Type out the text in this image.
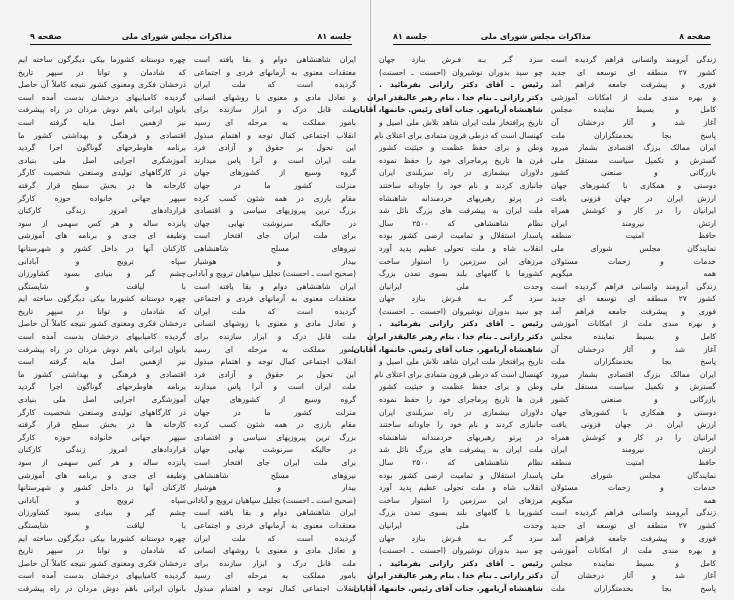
جلسه ۸۱
مذاکرات مجلس شورای ملی
صفحه ۹

چهره دوستانه کشورما بیکی دیگرگون ساخته ایم

که شادمان و توانا در سپهر تاریخ

درخشان فکری ومعنوی کشور نتیجه کاملاً آن حاصل

گردیده کامیابیهای درخشان بدست آمده است

بانوان ایرانی باهم دوش مردان در راه پیشرفت

نیز ازهمین اصل مایه گرفته است

اقتصادی و فرهنگی و بهداشتی کشور ما

برنامه هاوطرحهای گوناگون اجرا گردید

آموزشگری اجرایی اصل ملی بنیادی

در کارگاههای تولیدی وصنعتی شخصیت کارگر

کارخانه ها در بخش سطح قرار گرفته

سپهر جهانی خانواده حوزه کارگر

قراردادهای امروز زندگی کارکنان

پانزده ساله و هر کس سهمی از سود

وظیفه ای جدی و برنامه های آموزشی

کارکنان آنها در داخل کشور و شهرستانها

سپاه ترویج و آبادانی

چشم گیر و بنیادی بسود کشاورزان

با لیاقت و شایستگی

چهره دوستانه کشورما بیکی دیگرگون ساخته ایم

که شادمان و توانا در سپهر تاریخ

درخشان فکری ومعنوی کشور نتیجه کاملاً آن حاصل

گردیده کامیابیهای درخشان بدست آمده است

بانوان ایرانی باهم دوش مردان در راه پیشرفت

نیز ازهمین اصل مایه گرفته است

اقتصادی و فرهنگی و بهداشتی کشور ما

برنامه هاوطرحهای گوناگون اجرا گردید

آموزشگری اجرایی اصل ملی بنیادی

در کارگاههای تولیدی وصنعتی شخصیت کارگر

کارخانه ها در بخش سطح قرار گرفته

سپهر جهانی خانواده حوزه کارگر

قراردادهای امروز زندگی کارکنان

پانزده ساله و هر کس سهمی از سود

وظیفه ای جدی و برنامه های آموزشی

کارکنان آنها در داخل کشور و شهرستانها

سپاه ترویج و آبادانی

چشم گیر و بنیادی بسود کشاورزان

با لیاقت و شایستگی

چهره دوستانه کشورما بیکی دیگرگون ساخته ایم

که شادمان و توانا در سپهر تاریخ

درخشان فکری ومعنوی کشور نتیجه کاملاً آن حاصل

گردیده کامیابیهای درخشان بدست آمده است

بانوان ایرانی باهم دوش مردان در راه پیشرفت

ایران شاهنشاهی دوام و بقا یافته است

معتقدات معنوی به آرمانهای فردی و اجتماعی

گردیده است که ملت ایران

و تعادل مادی و معنوی با روشهای انسانی

ملت قابل درک و ابزار سازنده برای

بامور مملکت به مرحله ای رسید

انقلاب اجتماعی کمال توجه و اهتمام مبذول

این تحول بر حقوق و آزادی فرد

ملت ایران است و آنرا پاس میدارند

گروه وسیع از کشورهای جهان

منزلت کشور ما در جهان

مقام بارزی در همه شئون کسب کرده

بزرگ ترین پیروزیهای سیاسی و اقتصادی

در حالیکه سرنوشت نهایی جهان

برای ملت ایران جای افتخار است

نیروهای مسلح شاهنشاهی

بیدار و هوشیار

(صحیح است ـ احسنت) تجلیل سپاهیان ترویج و آبادانی

ایران شاهنشاهی دوام و بقا یافته است

معتقدات معنوی به آرمانهای فردی و اجتماعی

گردیده است که ملت ایران

و تعادل مادی و معنوی با روشهای انسانی

ملت قابل درک و ابزار سازنده برای

بامور مملکت به مرحله ای رسید

انقلاب اجتماعی کمال توجه و اهتمام مبذول

این تحول بر حقوق و آزادی فرد

ملت ایران است و آنرا پاس میدارند

گروه وسیع از کشورهای جهان

منزلت کشور ما در جهان

مقام بارزی در همه شئون کسب کرده

بزرگ ترین پیروزیهای سیاسی و اقتصادی

در حالیکه سرنوشت نهایی جهان

برای ملت ایران جای افتخار است

نیروهای مسلح شاهنشاهی

بیدار و هوشیار

(صحیح است ـ احسنت) تجلیل سپاهیان ترویج و آبادانی

ایران شاهنشاهی دوام و بقا یافته است

معتقدات معنوی به آرمانهای فردی و اجتماعی

گردیده است که ملت ایران

و تعادل مادی و معنوی با روشهای انسانی

ملت قابل درک و ابزار سازنده برای

بامور مملکت به مرحله ای رسید

انقلاب اجتماعی کمال توجه و اهتمام مبذول

صفحه ۸
مذاکرات مجلس شورای ملی
جلسه ۸۱

سزد گـر بـه فـرش بنازد جهان

چو سید بدوران نوشیروان (احسنت ـ احسنت)

رئیس ـ آقای دکتر رازانی بفرمائید .

دکتر رازانی ـ بنام خدا . بنام رهبر عالیقدر ایران

شاهنشاه آریامهر. جناب آقای رئیس. خانمها، آقایان.

تاریخ پرافتخار ملت ایران شاهد تلاش ملی اصیل و

کهنسال است که درطی قرون متمادی برای اعتلای نام

وطن و برای حفظ عظمت و حیثیت کشور

قرن ها تاریخ پرماجرای خود را حفظ نموده

دلاوران بیشماری در راه سربلندی ایران

جانبازی کردند و نام خود را جاودانه ساختند

در پرتو رهبریهای خردمندانه شاهنشاه

ملت ایران به پیشرفت های بزرگ نائل شد

نظام شاهنشاهی که ۲۵۰۰ سال

پاسدار استقلال و تمامیت ارضی کشور بوده

انقلاب شاه و ملت تحولی عظیم پدید آورد

مرزهای این سرزمین را استوار ساخت

کشورما با گامهای بلند بسوی تمدن بزرگ

وحدت ملی ایرانیان

سزد گـر بـه فـرش بنازد جهان

چو سید بدوران نوشیروان (احسنت ـ احسنت)

رئیس ـ آقای دکتر رازانی بفرمائید .

دکتر رازانی ـ بنام خدا . بنام رهبر عالیقدر ایران

شاهنشاه آریامهر. جناب آقای رئیس. خانمها، آقایان.

تاریخ پرافتخار ملت ایران شاهد تلاش ملی اصیل و

کهنسال است که درطی قرون متمادی برای اعتلای نام

وطن و برای حفظ عظمت و حیثیت کشور

قرن ها تاریخ پرماجرای خود را حفظ نموده

دلاوران بیشماری در راه سربلندی ایران

جانبازی کردند و نام خود را جاودانه ساختند

در پرتو رهبریهای خردمندانه شاهنشاه

ملت ایران به پیشرفت های بزرگ نائل شد

نظام شاهنشاهی که ۲۵۰۰ سال

پاسدار استقلال و تمامیت ارضی کشور بوده

انقلاب شاه و ملت تحولی عظیم پدید آورد

مرزهای این سرزمین را استوار ساخت

کشورما با گامهای بلند بسوی تمدن بزرگ

وحدت ملی ایرانیان

سزد گـر بـه فـرش بنازد جهان

چو سید بدوران نوشیروان (احسنت ـ احسنت)

رئیس ـ آقای دکتر رازانی بفرمائید .

دکتر رازانی ـ بنام خدا . بنام رهبر عالیقدر ایران

شاهنشاه آریامهر. جناب آقای رئیس. خانمها، آقایان.

زندگی آبرومند وانسانی فراهم گردیده است

کشور ۲۷ منطقه ای توسعه ای جدید

فوری و پیشرفت جامعه فراهم آمد

و بهره مندی ملت از امکانات آموزشی

کامل و بسیط نماینده مجلس

آغاز شد و آثار درخشان آن

پاسخ بجا بخدمتگزاران ملت

ایران ممالک بزرگ اقتصادی بشمار میرود

گسترش و تکمیل سیاست مستقل ملی

بازرگانی و صنعتی کشور

دوستی و همکاری با کشورهای جهان

ارزش ایران در جهان فزونی یافت

ایرانیان را در کار و کوشش همراه

ارتش نیرومند ایران

حافظ امنیت منطقه

نمایندگان مجلس شورای ملی

خدمات و زحمات مسئولان

همه میگویم

زندگی آبرومند وانسانی فراهم گردیده است

کشور ۲۷ منطقه ای توسعه ای جدید

فوری و پیشرفت جامعه فراهم آمد

و بهره مندی ملت از امکانات آموزشی

کامل و بسیط نماینده مجلس

آغاز شد و آثار درخشان آن

پاسخ بجا بخدمتگزاران ملت

ایران ممالک بزرگ اقتصادی بشمار میرود

گسترش و تکمیل سیاست مستقل ملی

بازرگانی و صنعتی کشور

دوستی و همکاری با کشورهای جهان

ارزش ایران در جهان فزونی یافت

ایرانیان را در کار و کوشش همراه

ارتش نیرومند ایران

حافظ امنیت منطقه

نمایندگان مجلس شورای ملی

خدمات و زحمات مسئولان

همه میگویم

زندگی آبرومند وانسانی فراهم گردیده است

کشور ۲۷ منطقه ای توسعه ای جدید

فوری و پیشرفت جامعه فراهم آمد

و بهره مندی ملت از امکانات آموزشی

کامل و بسیط نماینده مجلس

آغاز شد و آثار درخشان آن

پاسخ بجا بخدمتگزاران ملت
